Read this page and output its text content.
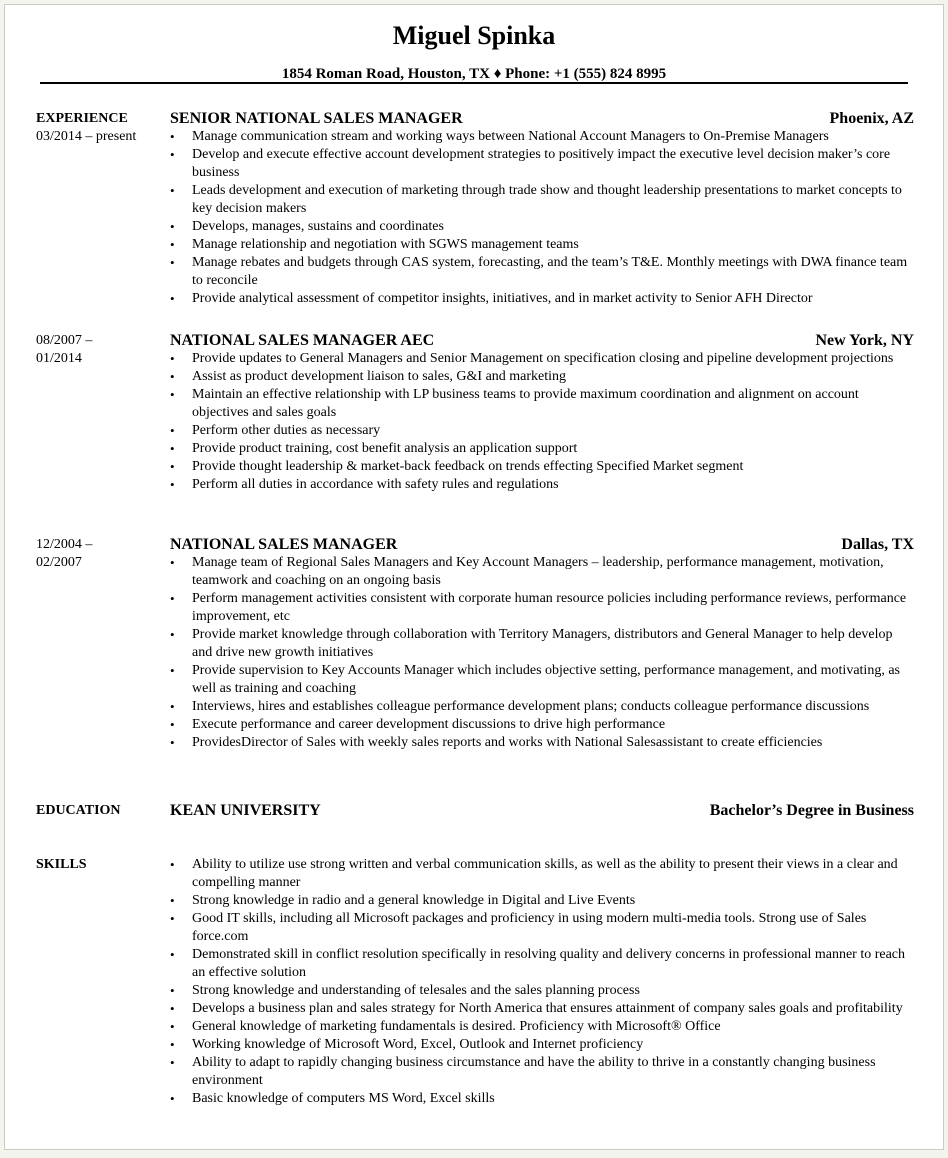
Miguel Spinka
1854 Roman Road, Houston, TX ♦ Phone: +1 (555) 824 8995
EXPERIENCE
03/2014 – present
SENIOR NATIONAL SALES MANAGER	Phoenix, AZ
• Manage communication stream and working ways between National Account Managers to On-Premise Managers
• Develop and execute effective account development strategies to positively impact the executive level decision maker’s core business
• Leads development and execution of marketing through trade show and thought leadership presentations to market concepts to key decision makers
• Develops, manages, sustains and coordinates
• Manage relationship and negotiation with SGWS management teams
• Manage rebates and budgets through CAS system, forecasting, and the team’s T&E. Monthly meetings with DWA finance team to reconcile
• Provide analytical assessment of competitor insights, initiatives, and in market activity to Senior AFH Director
08/2007 – 01/2014
NATIONAL SALES MANAGER AEC	New York, NY
• Provide updates to General Managers and Senior Management on specification closing and pipeline development projections
• Assist as product development liaison to sales, G&I and marketing
• Maintain an effective relationship with LP business teams to provide maximum coordination and alignment on account objectives and sales goals
• Perform other duties as necessary
• Provide product training, cost benefit analysis an application support
• Provide thought leadership & market-back feedback on trends effecting Specified Market segment
• Perform all duties in accordance with safety rules and regulations
12/2004 – 02/2007
NATIONAL SALES MANAGER	Dallas, TX
• Manage team of Regional Sales Managers and Key Account Managers – leadership, performance management, motivation, teamwork and coaching on an ongoing basis
• Perform management activities consistent with corporate human resource policies including performance reviews, performance improvement, etc
• Provide market knowledge through collaboration with Territory Managers, distributors and General Manager to help develop and drive new growth initiatives
• Provide supervision to Key Accounts Manager which includes objective setting, performance management, and motivating, as well as training and coaching
• Interviews, hires and establishes colleague performance development plans; conducts colleague performance discussions
• Execute performance and career development discussions to drive high performance
• ProvidesDirector of Sales with weekly sales reports and works with National Salesassistant to create efficiencies
EDUCATION	KEAN UNIVERSITY	Bachelor’s Degree in Business
SKILLS
•	Ability to utilize use strong written and verbal communication skills, as well as the ability to present their views in a clear and compelling manner
• Strong knowledge in radio and a general knowledge in Digital and Live Events
• Good IT skills, including all Microsoft packages and proficiency in using modern multi-media tools. Strong use of Sales force.com
• Demonstrated skill in conflict resolution specifically in resolving quality and delivery concerns in professional manner to reach an effective solution
• Strong knowledge and understanding of telesales and the sales planning process
• Develops a business plan and sales strategy for North America that ensures attainment of company sales goals and profitability
• General knowledge of marketing fundamentals is desired. Proficiency with Microsoft® Office
• Working knowledge of Microsoft Word, Excel, Outlook and Internet proficiency
• Ability to adapt to rapidly changing business circumstance and have the ability to thrive in a constantly changing business environment
• Basic knowledge of computers MS Word, Excel skills
